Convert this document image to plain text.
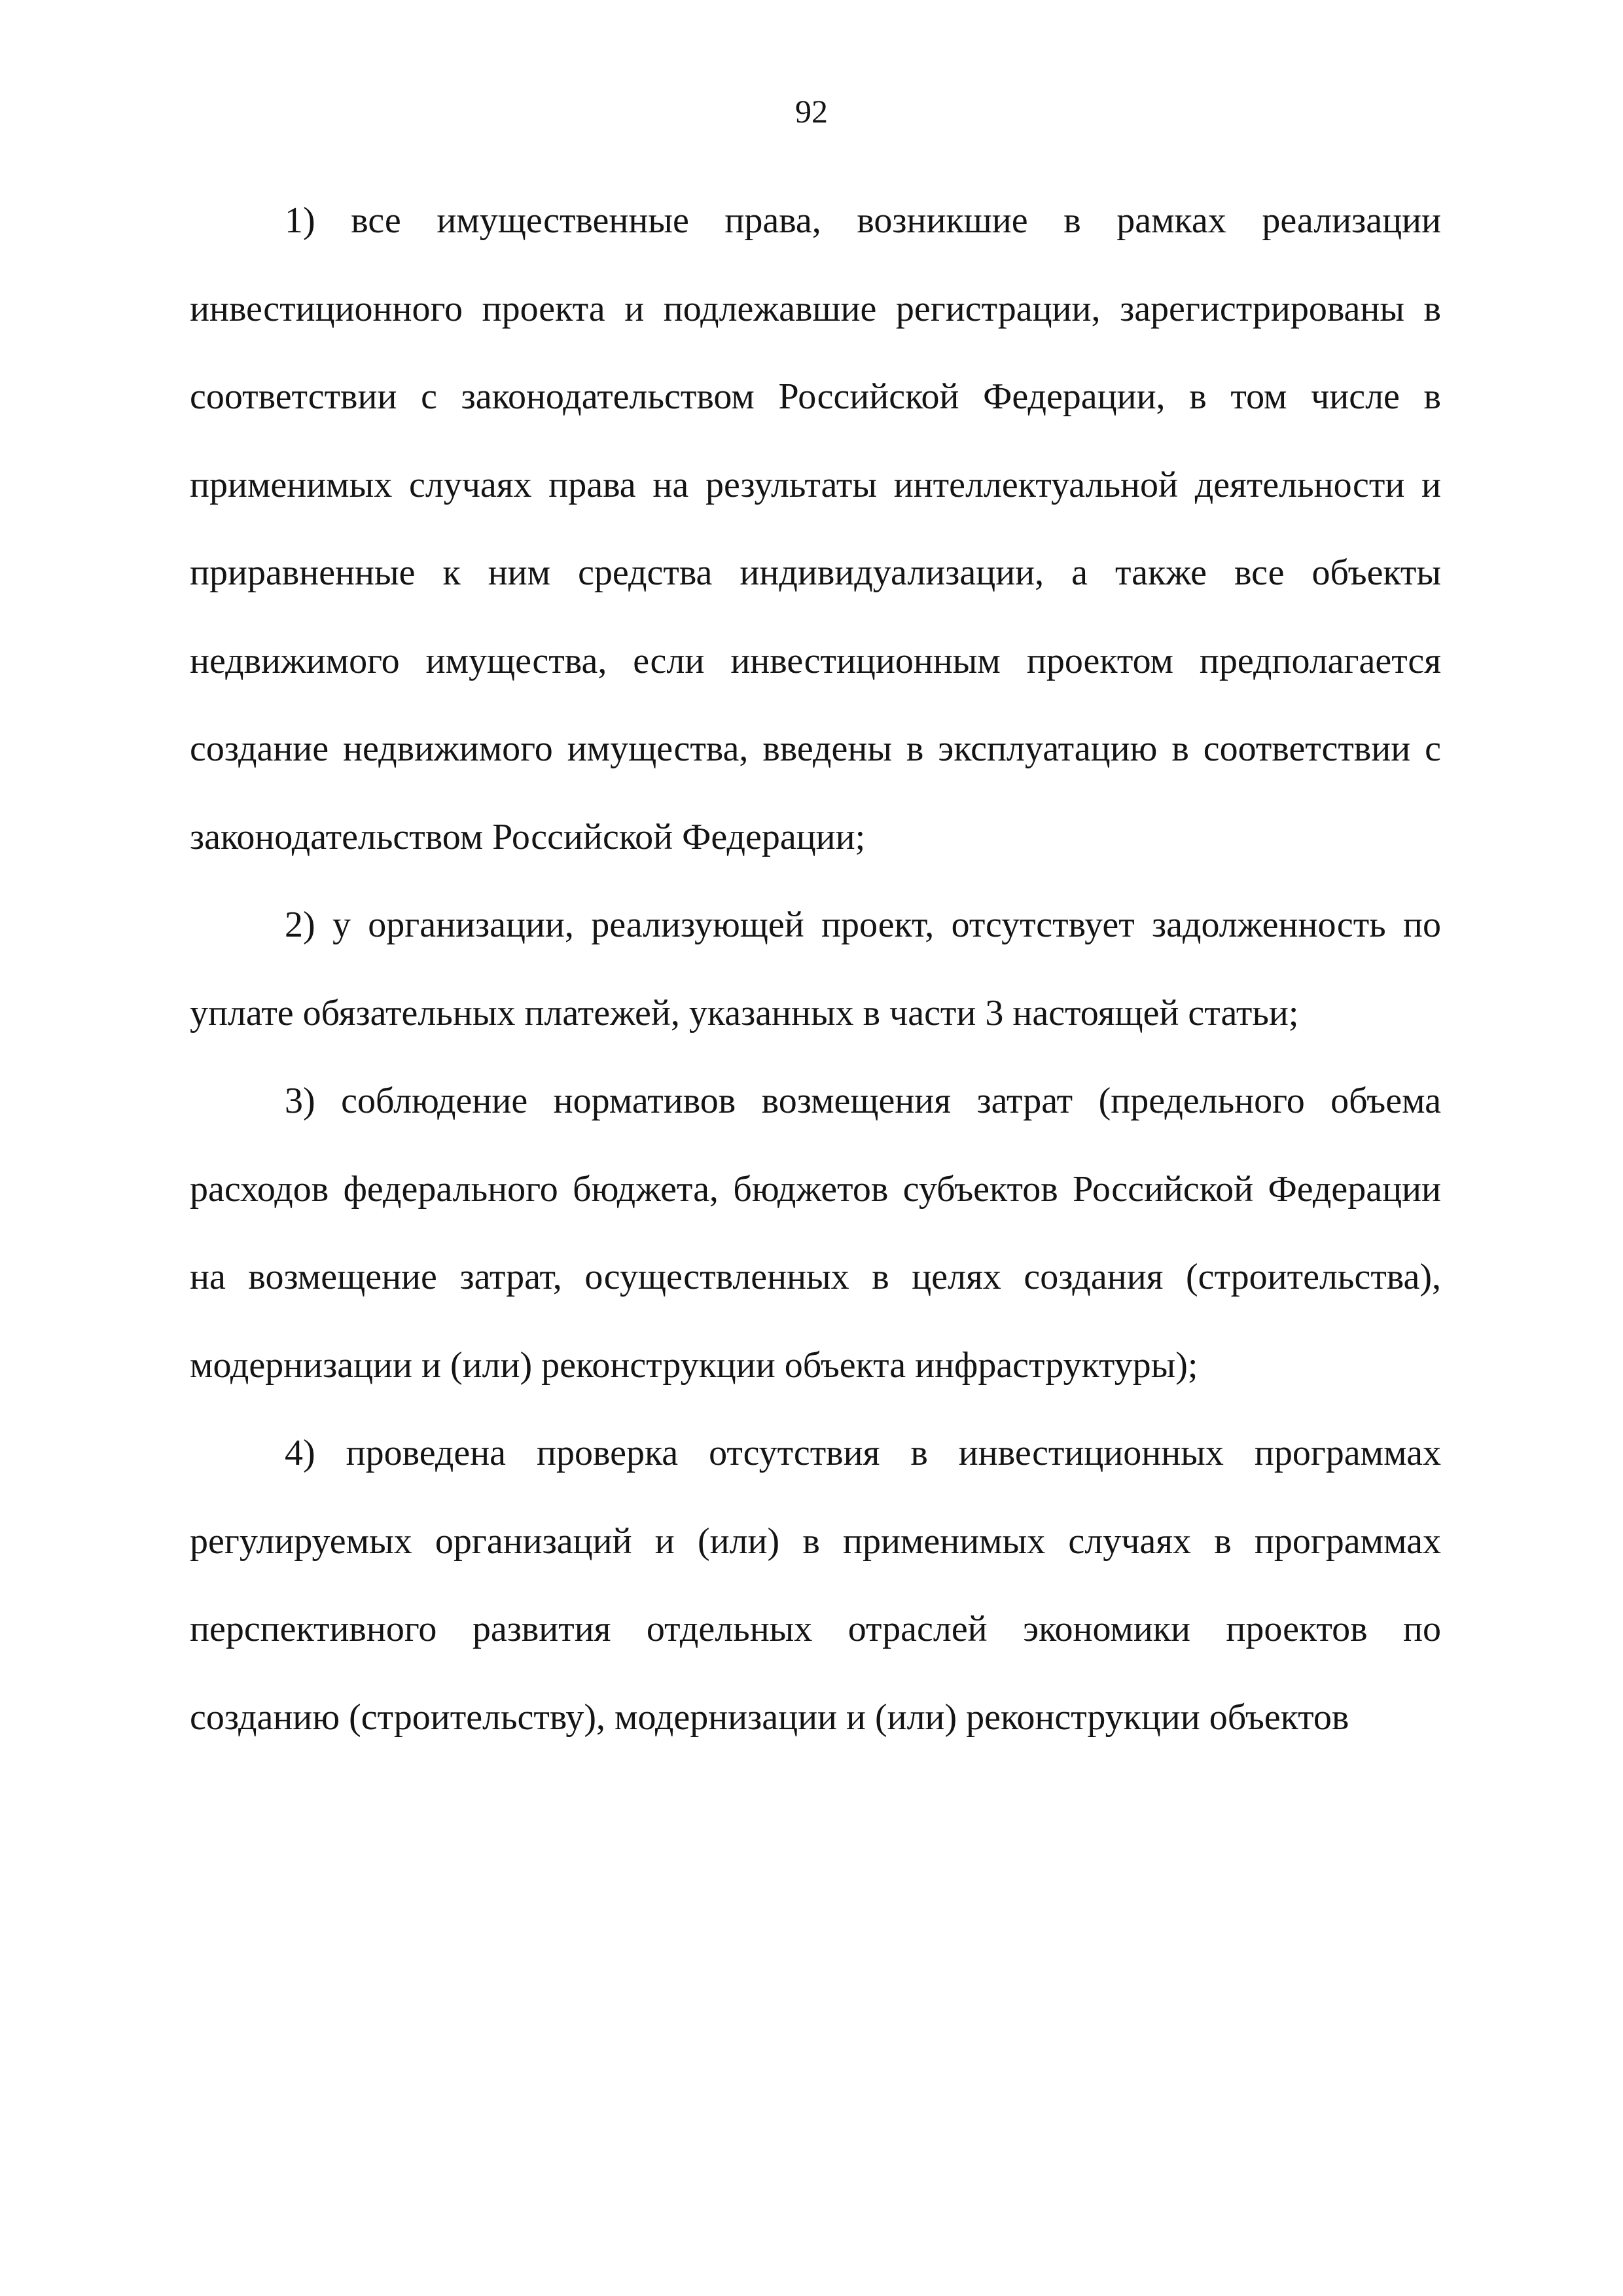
92

1) все имущественные права, возникшие в рамках реализации инвестиционного проекта и подлежавшие регистрации, зарегистрированы в соответствии с законодательством Российской Федерации, в том числе в применимых случаях права на результаты интеллектуальной деятельности и приравненные к ним средства индивидуализации, а также все объекты недвижимого имущества, если инвестиционным проектом предполагается создание недвижимого имущества, введены в эксплуатацию в соответствии с законодательством Российской Федерации;

2) у организации, реализующей проект, отсутствует задолженность по уплате обязательных платежей, указанных в части 3 настоящей статьи;

3) соблюдение нормативов возмещения затрат (предельного объема расходов федерального бюджета, бюджетов субъектов Российской Федерации на возмещение затрат, осуществленных в целях создания (строительства), модернизации и (или) реконструкции объекта инфраструктуры);

4) проведена проверка отсутствия в инвестиционных программах регулируемых организаций и (или) в применимых случаях в программах перспективного развития отдельных отраслей экономики проектов по созданию (строительству), модернизации и (или) реконструкции объектов
